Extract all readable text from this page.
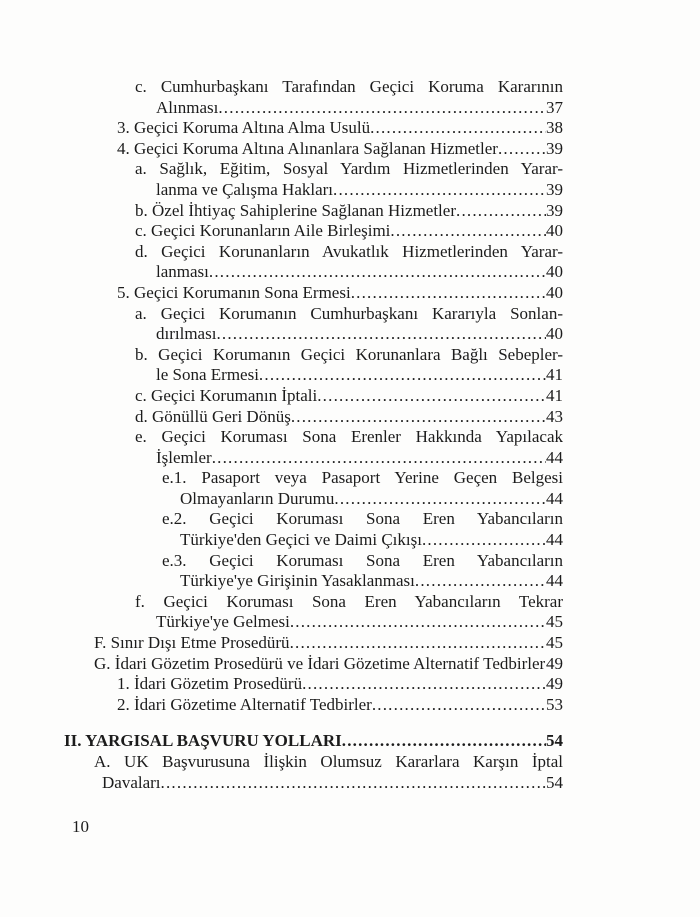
c. Cumhurbaşkanı Tarafından Geçici Koruma Kararının
Alınması .....	37
3. Geçici Koruma Altına Alma Usulü .....	38
4. Geçici Koruma Altına Alınanlara Sağlanan Hizmetler .....	39
a. Sağlık, Eğitim, Sosyal Yardım Hizmetlerinden Yarar-
lanma ve Çalışma Hakları .....	39
b. Özel İhtiyaç Sahiplerine Sağlanan Hizmetler .....	39
c. Geçici Korunanların Aile Birleşimi .....	40
d. Geçici Korunanların Avukatlık Hizmetlerinden Yarar-
lanması .....	40
5. Geçici Korumanın Sona Ermesi .....	40
a. Geçici Korumanın Cumhurbaşkanı Kararıyla Sonlan-
dırılması .....	40
b. Geçici Korumanın Geçici Korunanlara Bağlı Sebepler-
le Sona Ermesi .....	41
c. Geçici Korumanın İptali .....	41
d. Gönüllü Geri Dönüş .....	43
e. Geçici Koruması Sona Erenler Hakkında Yapılacak
İşlemler .....	44
e.1. Pasaport veya Pasaport Yerine Geçen Belgesi
Olmayanların Durumu .....	44
e.2. Geçici Koruması Sona Eren Yabancıların
Türkiye'den Geçici ve Daimi Çıkışı .....	44
e.3. Geçici Koruması Sona Eren Yabancıların
Türkiye'ye Girişinin Yasaklanması .....	44
f. Geçici Koruması Sona Eren Yabancıların Tekrar
Türkiye'ye Gelmesi .....	45
F. Sınır Dışı Etme Prosedürü .....	45
G. İdari Gözetim Prosedürü ve İdari Gözetime Alternatif Tedbirler ..... 49
1. İdari Gözetim Prosedürü .....	49
2. İdari Gözetime Alternatif Tedbirler .....	53
II. YARGISAL BAŞVURU YOLLARI .....	54
A. UK Başvurusuna İlişkin Olumsuz Kararlara Karşın İptal
Davaları .....	54
10
